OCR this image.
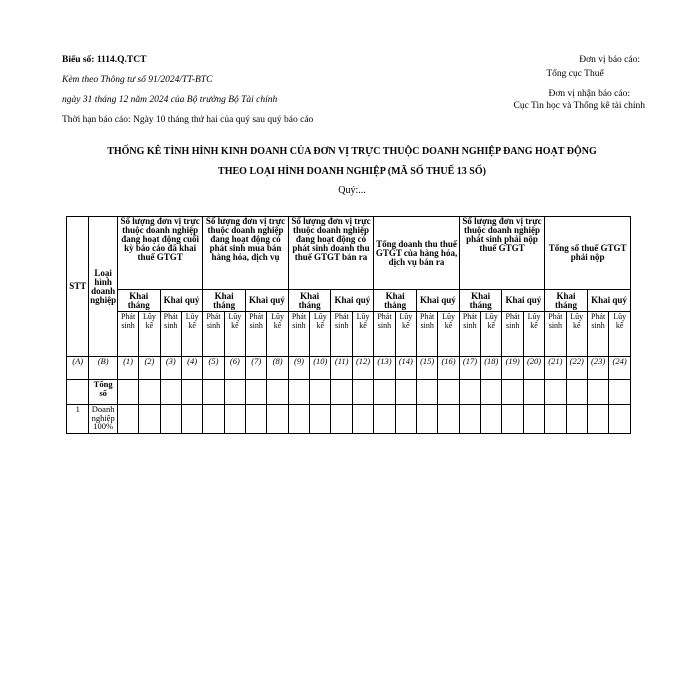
Biểu số: 1114.Q.TCT
Kèm theo Thông tư số 91/2024/TT-BTC
ngày 31 tháng 12 năm 2024 của Bộ trưởng Bộ Tài chính
Thời hạn báo cáo: Ngày 10 tháng thứ hai của quý sau quý báo cáo
Đơn vị báo cáo:
Tổng cục Thuế
Đơn vị nhận báo cáo:
Cục Tin học và Thống kê tài chính
THỐNG KÊ TÌNH HÌNH KINH DOANH CỦA ĐƠN VỊ TRỰC THUỘC DOANH NGHIỆP ĐANG HOẠT ĐỘNG
THEO LOẠI HÌNH DOANH NGHIỆP (MÃ SỐ THUẾ 13 SỐ)
Quý:...
STT	Loại hình doanh nghiệp	Số lượng đơn vị trực thuộc doanh nghiệp đang hoạt động cuối kỳ báo cáo đã khai thuế GTGT				Số lượng đơn vị trực thuộc doanh nghiệp đang hoạt động có phát sinh mua bán hàng hóa, dịch vụ				Số lượng đơn vị trực thuộc doanh nghiệp đang hoạt động có phát sinh doanh thu thuế GTGT bán ra				Tổng doanh thu thuế GTGT của hàng hóa, dịch vụ bán ra				Số lượng đơn vị trực thuộc doanh nghiệp phát sinh phải nộp thuế GTGT				Tổng số thuế GTGT phải nộp			
		Khai tháng		Khai quý		Khai tháng		Khai quý		Khai tháng		Khai quý		Khai tháng		Khai quý		Khai tháng		Khai quý		Khai tháng		Khai quý	
		Phát sinh	Lũy kế	Phát sinh	Lũy kế	Phát sinh	Lũy kế	Phát sinh	Lũy kế	Phát sinh	Lũy kế	Phát sinh	Lũy kế	Phát sinh	Lũy kế	Phát sinh	Lũy kế	Phát sinh	Lũy kế	Phát sinh	Lũy kế	Phát sinh	Lũy kế	Phát sinh	Lũy kế
(A)	(B)	(1)	(2)	(3)	(4)	(5)	(6)	(7)	(8)	(9)	(10)	(11)	(12)	(13)	(14)	(15)	(16)	(17)	(18)	(19)	(20)	(21)	(22)	(23)	(24)
	Tổng số																								
1	Doanh nghiệp 100%																								
